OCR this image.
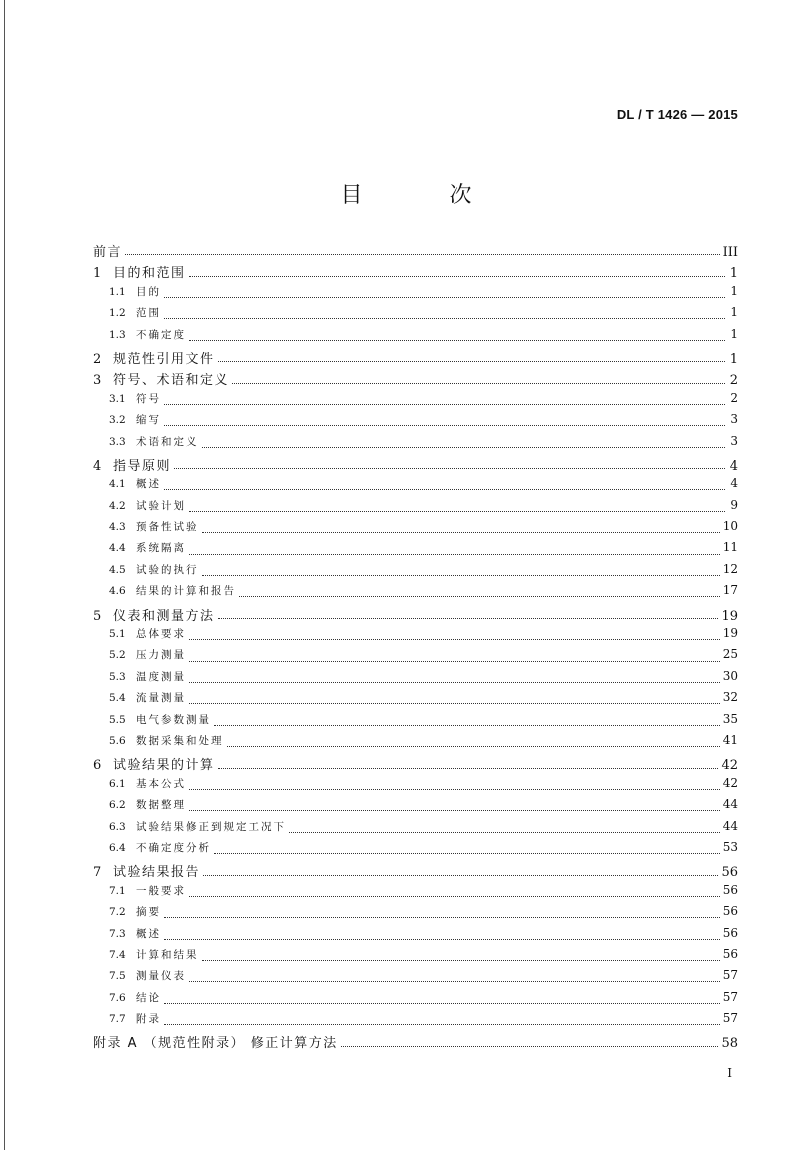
DL / T 1426 — 2015
目 次
前言	III
1 目的和范围	1
1.1 目的	1
1.2 范围	1
1.3 不确定度	1
2 规范性引用文件	1
3 符号、术语和定义	2
3.1 符号	2
3.2 缩写	3
3.3 术语和定义	3
4 指导原则	4
4.1 概述	4
4.2 试验计划	9
4.3 预备性试验	10
4.4 系统隔离	11
4.5 试验的执行	12
4.6 结果的计算和报告	17
5 仪表和测量方法	19
5.1 总体要求	19
5.2 压力测量	25
5.3 温度测量	30
5.4 流量测量	32
5.5 电气参数测量	35
5.6 数据采集和处理	41
6 试验结果的计算	42
6.1 基本公式	42
6.2 数据整理	44
6.3 试验结果修正到规定工况下	44
6.4 不确定度分析	53
7 试验结果报告	56
7.1 一般要求	56
7.2 摘要	56
7.3 概述	56
7.4 计算和结果	56
7.5 测量仪表	57
7.6 结论	57
7.7 附录	57
附录 A （规范性附录） 修正计算方法	58
I
